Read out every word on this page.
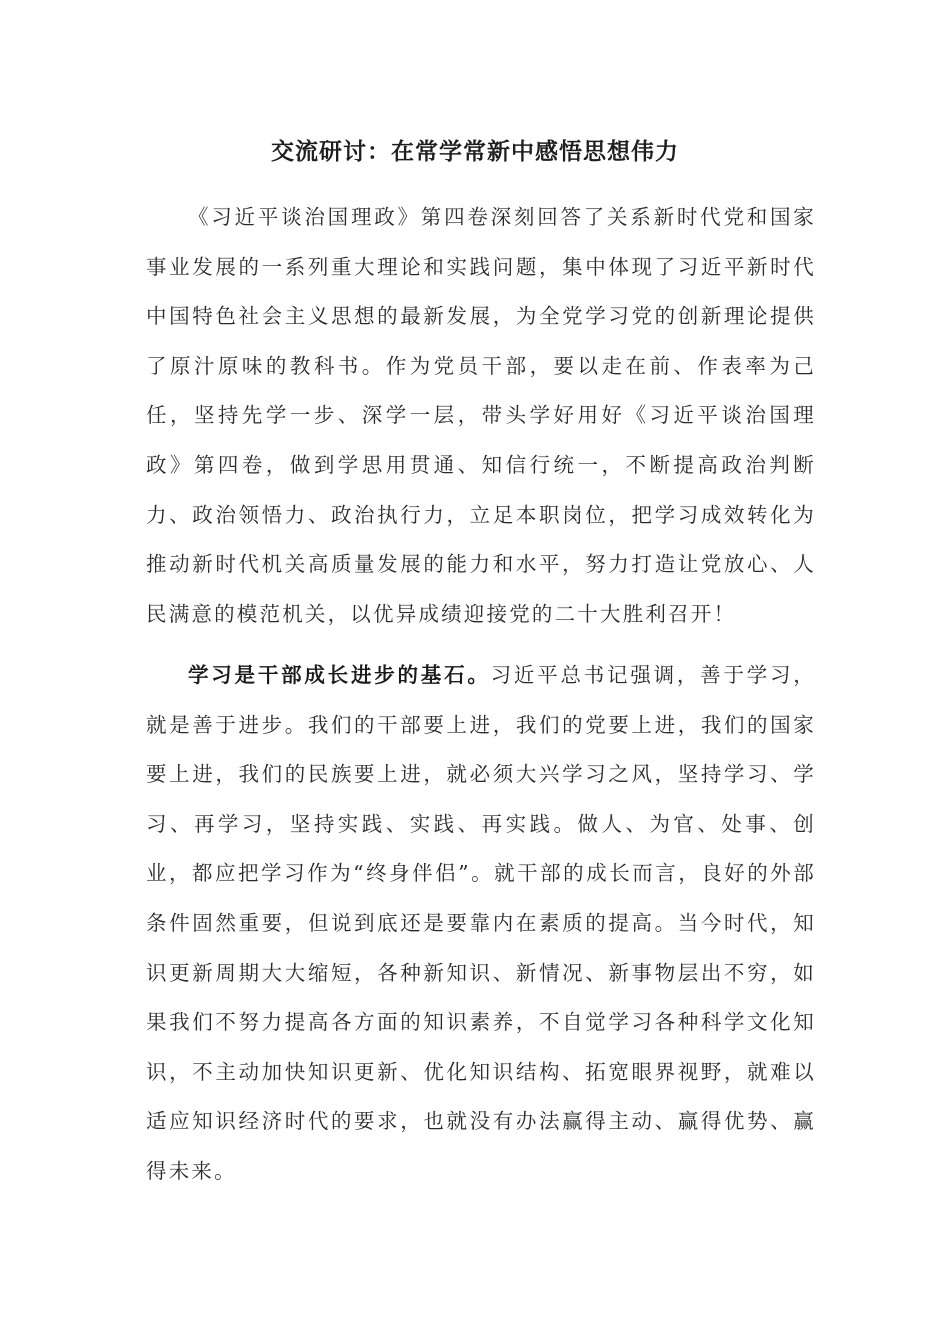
交流研讨：在常学常新中感悟思想伟力

《习近平谈治国理政》第四卷深刻回答了关系新时代党和国家事业发展的一系列重大理论和实践问题，集中体现了习近平新时代中国特色社会主义思想的最新发展，为全党学习党的创新理论提供了原汁原味的教科书。作为党员干部，要以走在前、作表率为己任，坚持先学一步、深学一层，带头学好用好《习近平谈治国理政》第四卷，做到学思用贯通、知信行统一，不断提高政治判断力、政治领悟力、政治执行力，立足本职岗位，把学习成效转化为推动新时代机关高质量发展的能力和水平，努力打造让党放心、人民满意的模范机关，以优异成绩迎接党的二十大胜利召开！

学习是干部成长进步的基石。习近平总书记强调，善于学习，就是善于进步。我们的干部要上进，我们的党要上进，我们的国家要上进，我们的民族要上进，就必须大兴学习之风，坚持学习、学习、再学习，坚持实践、实践、再实践。做人、为官、处事、创业，都应把学习作为“终身伴侣”。就干部的成长而言，良好的外部条件固然重要，但说到底还是要靠内在素质的提高。当今时代，知识更新周期大大缩短，各种新知识、新情况、新事物层出不穷，如果我们不努力提高各方面的知识素养，不自觉学习各种科学文化知识，不主动加快知识更新、优化知识结构、拓宽眼界视野，就难以适应知识经济时代的要求，也就没有办法赢得主动、赢得优势、赢得未来。
